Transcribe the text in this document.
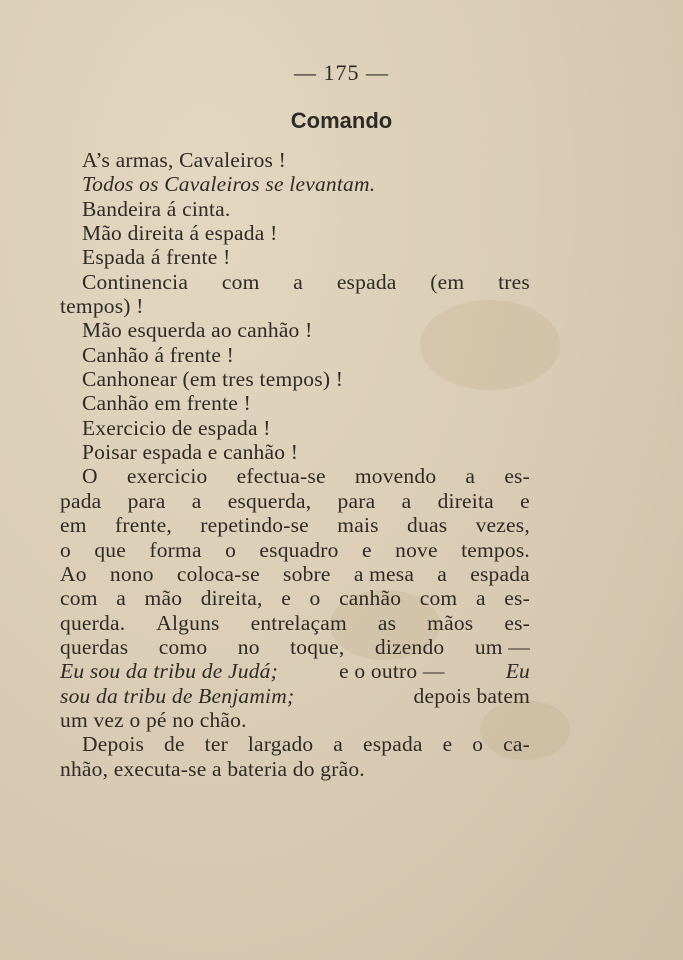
— 175 —
Comando
A’s armas, Cavaleiros !
Todos os Cavaleiros se levantam.
Bandeira á cinta.
Mão direita á espada !
Espada á frente !
Continencia com a espada (em tres
tempos) !
Mão esquerda ao canhão !
Canhão á frente !
Canhonear (em tres tempos) !
Canhão em frente !
Exercicio de espada !
Poisar espada e canhão !
O exercicio efectua-se movendo a es-
pada para a esquerda, para a direita e
em frente, repetindo-se mais duas vezes,
o que forma o esquadro e nove tempos.
Ao nono coloca-se sobre a mesa a espada
com a mão direita, e o canhão com a es-
querda. Alguns entrelaçam as mãos es-
querdas como no toque, dizendo um —
Eu sou da tribu de Judá;	e o outro —	Eu
sou da tribu de Benjamim;	depois batem
um vez o pé no chão.
Depois de ter largado a espada e o ca-
nhão, executa-se a bateria do grão.
